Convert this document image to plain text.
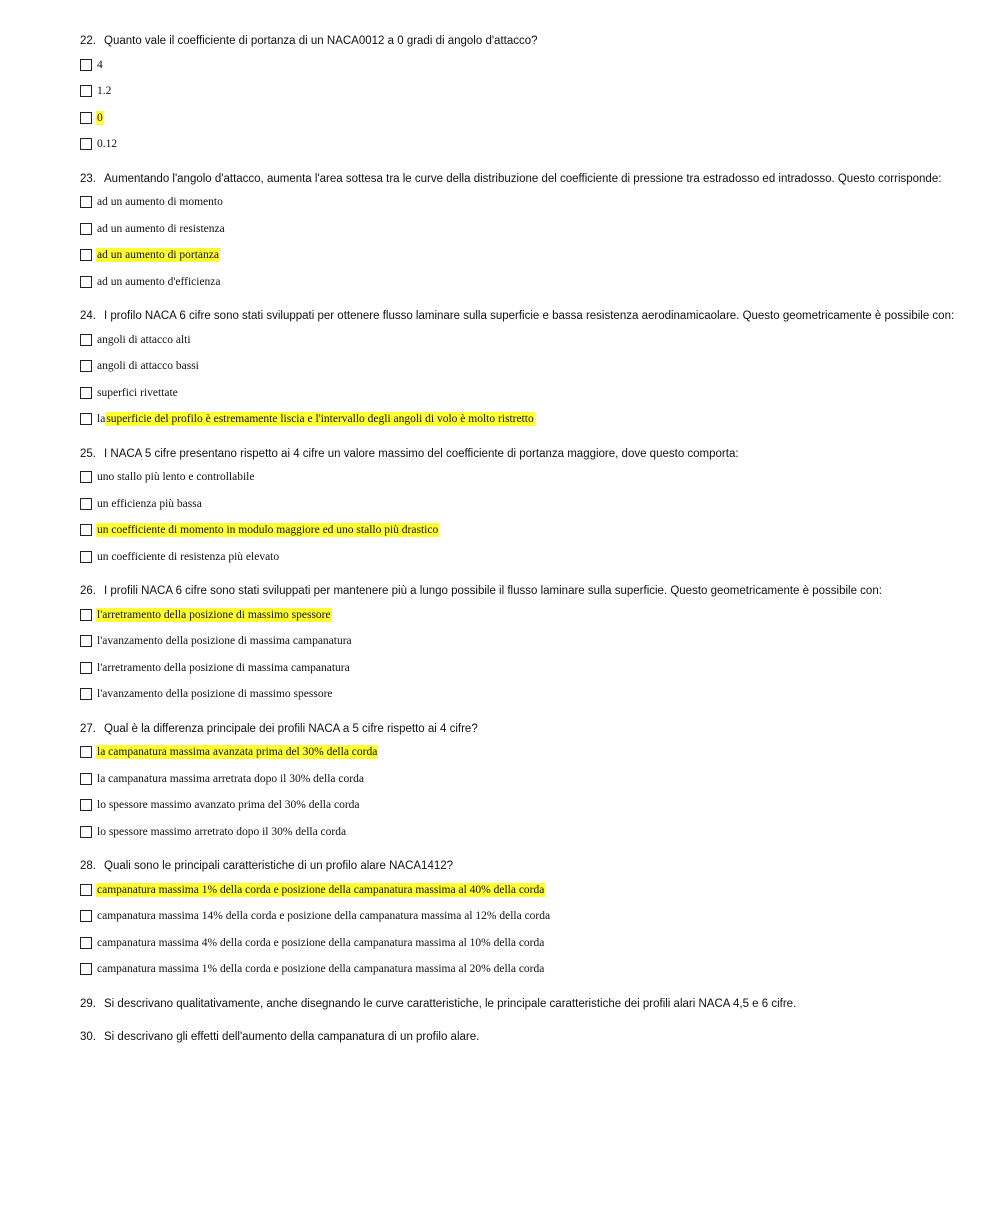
22. Quanto vale il coefficiente di portanza di un NACA0012 a 0 gradi di angolo d'attacco?
4
1.2
0
0.12
23. Aumentando l'angolo d'attacco, aumenta l'area sottesa tra le curve della distribuzione del coefficiente di pressione tra estradosso ed intradosso. Questo corrisponde:
ad un aumento di momento
ad un aumento di resistenza
ad un aumento di portanza
ad un aumento d'efficienza
24. I profilo NACA 6 cifre sono stati sviluppati per ottenere flusso laminare sulla superficie e bassa resistenza aerodinamicaolare. Questo geometricamente è possibile con:
angoli di attacco alti
angoli di attacco bassi
superfici rivettate
la superficie del profilo è estremamente liscia e l'intervallo degli angoli di volo è molto ristretto
25. I NACA 5 cifre presentano rispetto ai 4 cifre un valore massimo del coefficiente di portanza maggiore, dove questo comporta:
uno stallo più lento e controllabile
un efficienza più bassa
un coefficiente di momento in modulo maggiore ed uno stallo più drastico
un coefficiente di resistenza più elevato
26. I profili NACA 6 cifre sono stati sviluppati per mantenere più a lungo possibile il flusso laminare sulla superficie. Questo geometricamente è possibile con:
l'arretramento della posizione di massimo spessore
l'avanzamento della posizione di massima campanatura
l'arretramento della posizione di massima campanatura
l'avanzamento della posizione di massimo spessore
27. Qual è la differenza principale dei profili NACA a 5 cifre rispetto ai 4 cifre?
la campanatura massima avanzata prima del 30% della corda
la campanatura massima arretrata dopo il 30% della corda
lo spessore massimo avanzato prima del 30% della corda
lo spessore massimo arretrato dopo il 30% della corda
28. Quali sono le principali caratteristiche di un profilo alare NACA1412?
campanatura massima 1% della corda e posizione della campanatura massima al 40% della corda
campanatura massima 14% della corda e posizione della campanatura massima al 12% della corda
campanatura massima 4% della corda e posizione della campanatura massima al 10% della corda
campanatura massima 1% della corda e posizione della campanatura massima al 20% della corda
29. Si descrivano qualitativamente, anche disegnando le curve caratteristiche, le principale caratteristiche dei profili alari NACA 4,5 e 6 cifre.
30. Si descrivano gli effetti dell'aumento della campanatura di un profilo alare.
